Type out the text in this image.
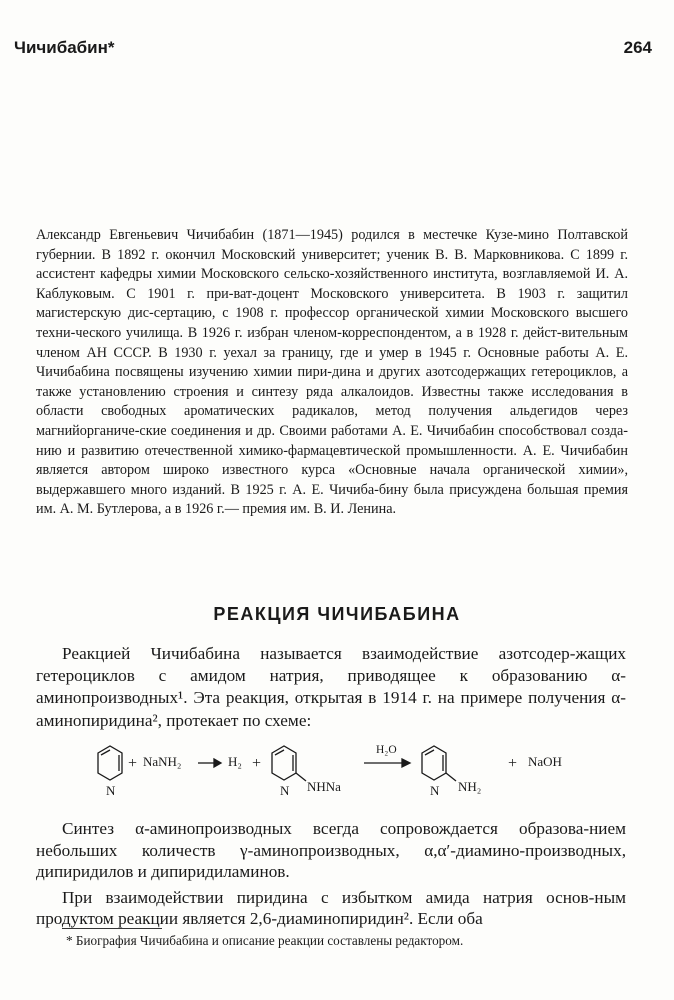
Чичибабин*	264

Александр Евгеньевич Чичибабин (1871—1945) родился в местечке Кузе-мино Полтавской губернии. В 1892 г. окончил Московский университет; ученик В. В. Марковникова. С 1899 г. ассистент кафедры химии Московского сельско-хозяйственного института, возглавляемой И. А. Каблуковым. С 1901 г. при-ват-доцент Московского университета. В 1903 г. защитил магистерскую дис-сертацию, с 1908 г. профессор органической химии Московского высшего техни-ческого училища. В 1926 г. избран членом-корреспондентом, а в 1928 г. дейст-вительным членом АН СССР. В 1930 г. уехал за границу, где и умер в 1945 г. Основные работы А. Е. Чичибабина посвящены изучению химии пири-дина и других азотсодержащих гетероциклов, а также установлению строения и синтезу ряда алкалоидов. Известны также исследования в области свободных ароматических радикалов, метод получения альдегидов через магнийорганиче-ские соединения и др. Своими работами А. Е. Чичибабин способствовал созда-нию и развитию отечественной химико-фармацевтической промышленности. А. Е. Чичибабин является автором широко известного курса «Основные начала органической химии», выдержавшего много изданий. В 1925 г. А. Е. Чичиба-бину была присуждена большая премия им. А. М. Бутлерова, а в 1926 г.— премия им. В. И. Ленина.

РЕАКЦИЯ ЧИЧИБАБИНА

Реакцией Чичибабина называется взаимодействие азотсодер-жащих гетероциклов с амидом натрия, приводящее к образованию α-аминопроизводных¹. Эта реакция, открытая в 1914 г. на примере получения α-аминопиридина², протекает по схеме:

N
+ NaNH₂	H₂ +
N NHNa
H₂O
N NH₂
+ NaOH

Синтез α-аминопроизводных всегда сопровождается образова-нием небольших количеств γ-аминопроизводных, α,α′-диамино-производных, дипиридилов и дипиридиламинов.

При взаимодействии пиридина с избытком амида натрия основ-ным продуктом реакции является 2,6-диаминопиридин². Если оба

* Биография Чичибабина и описание реакции составлены редактором.
